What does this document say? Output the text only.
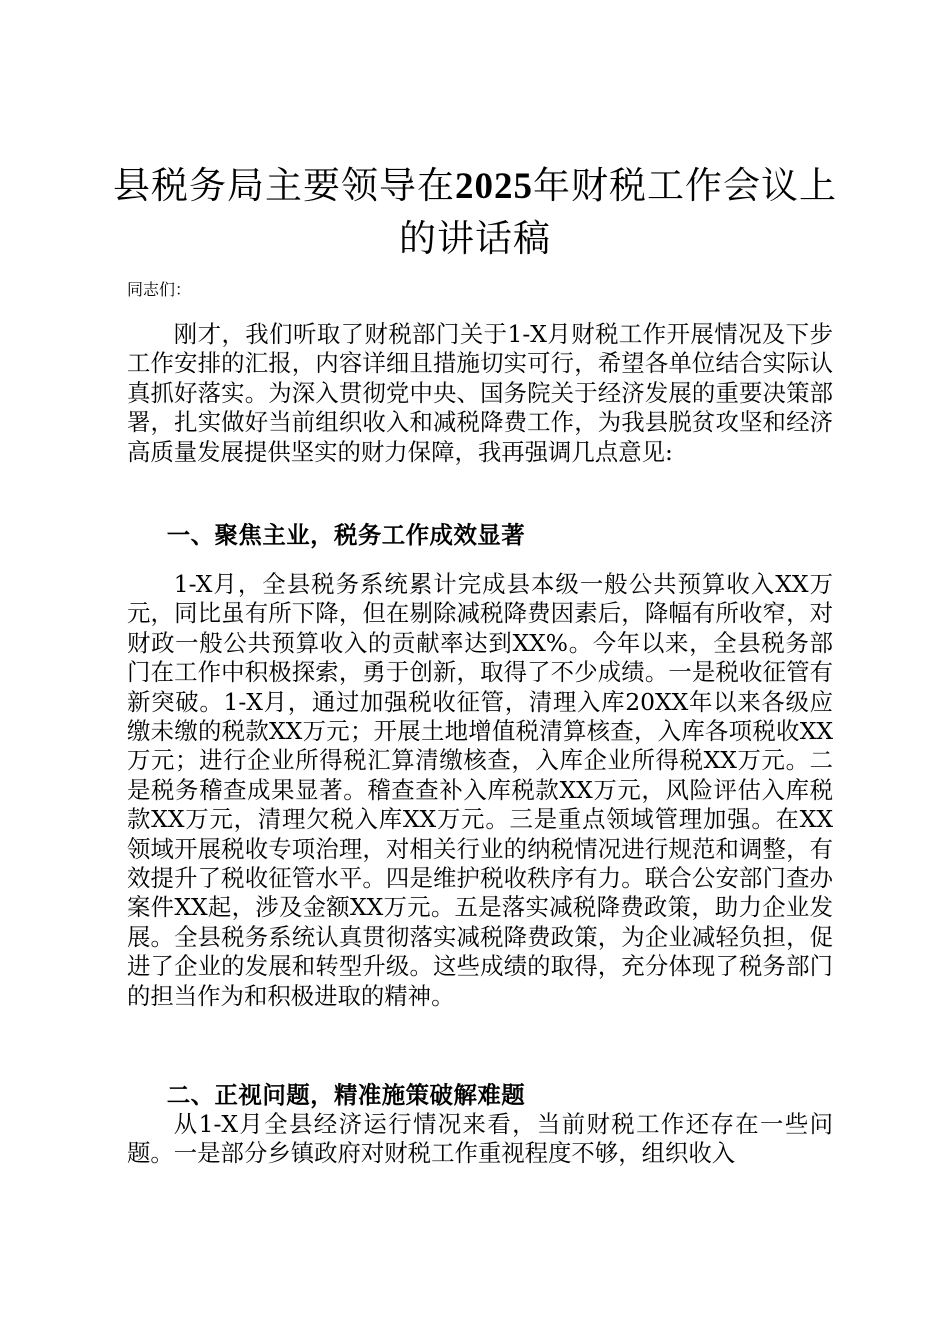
县税务局主要领导在2025年财税工作会议上的讲话稿

同志们：

刚才，我们听取了财税部门关于1-X月财税工作开展情况及下步工作安排的汇报，内容详细且措施切实可行，希望各单位结合实际认真抓好落实。为深入贯彻党中央、国务院关于经济发展的重要决策部署，扎实做好当前组织收入和减税降费工作，为我县脱贫攻坚和经济高质量发展提供坚实的财力保障，我再强调几点意见:

一、聚焦主业，税务工作成效显著

1-X月，全县税务系统累计完成县本级一般公共预算收入XX万元，同比虽有所下降，但在剔除减税降费因素后，降幅有所收窄，对财政一般公共预算收入的贡献率达到XX%。今年以来，全县税务部门在工作中积极探索，勇于创新，取得了不少成绩。一是税收征管有新突破。1-X月，通过加强税收征管，清理入库20XX年以来各级应缴未缴的税款XX万元；开展土地增值税清算核查，入库各项税收XX万元；进行企业所得税汇算清缴核查，入库企业所得税XX万元。二是税务稽查成果显著。稽查查补入库税款XX万元，风险评估入库税款XX万元，清理欠税入库XX万元。三是重点领域管理加强。在XX领域开展税收专项治理，对相关行业的纳税情况进行规范和调整，有效提升了税收征管水平。四是维护税收秩序有力。联合公安部门查办案件XX起，涉及金额XX万元。五是落实减税降费政策，助力企业发展。全县税务系统认真贯彻落实减税降费政策，为企业减轻负担，促进了企业的发展和转型升级。这些成绩的取得，充分体现了税务部门的担当作为和积极进取的精神。

二、正视问题，精准施策破解难题

从1-X月全县经济运行情况来看，当前财税工作还存在一些问题。一是部分乡镇政府对财税工作重视程度不够，组织收入
